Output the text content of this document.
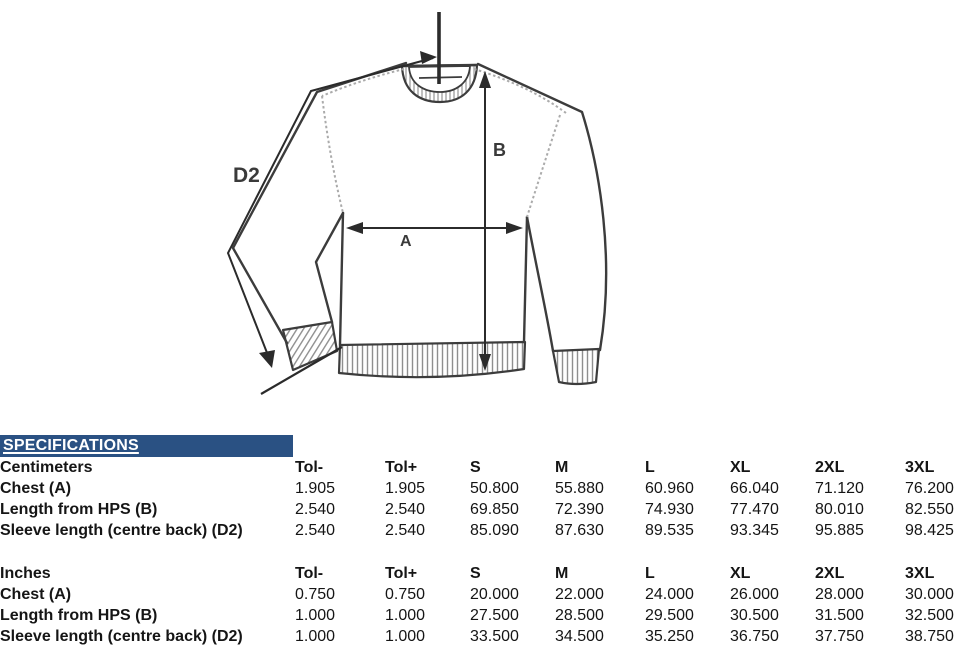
D2
B
A
SPECIFICATIONS
Centimeters	Tol-	Tol+	S	M	L	XL	2XL	3XL
Chest (A)	1.905	1.905	50.800	55.880	60.960	66.040	71.120	76.200
Length from HPS (B)	2.540	2.540	69.850	72.390	74.930	77.470	80.010	82.550
Sleeve length (centre back) (D2)	2.540	2.540	85.090	87.630	89.535	93.345	95.885	98.425

Inches	Tol-	Tol+	S	M	L	XL	2XL	3XL
Chest (A)	0.750	0.750	20.000	22.000	24.000	26.000	28.000	30.000
Length from HPS (B)	1.000	1.000	27.500	28.500	29.500	30.500	31.500	32.500
Sleeve length (centre back) (D2)	1.000	1.000	33.500	34.500	35.250	36.750	37.750	38.750
